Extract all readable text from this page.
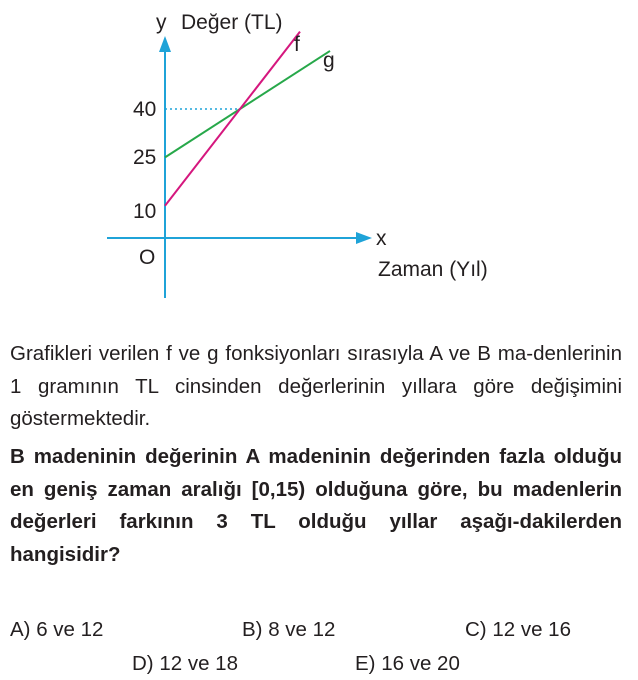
f
g
y Değer (TL)
x
Zaman (Yıl)
40
25
10
O

Grafikleri verilen f ve g fonksiyonları sırasıyla A ve B ma-denlerinin 1 gramının TL cinsinden değerlerinin yıllara göre değişimini göstermektedir.

B madeninin değerinin A madeninin değerinden fazla olduğu en geniş zaman aralığı [0,15) olduğuna göre, bu madenlerin değerleri farkının 3 TL olduğu yıllar aşağı-dakilerden hangisidir?

A) 6 ve 12	B) 8 ve 12	C) 12 ve 16
D) 12 ve 18	E) 16 ve 20
